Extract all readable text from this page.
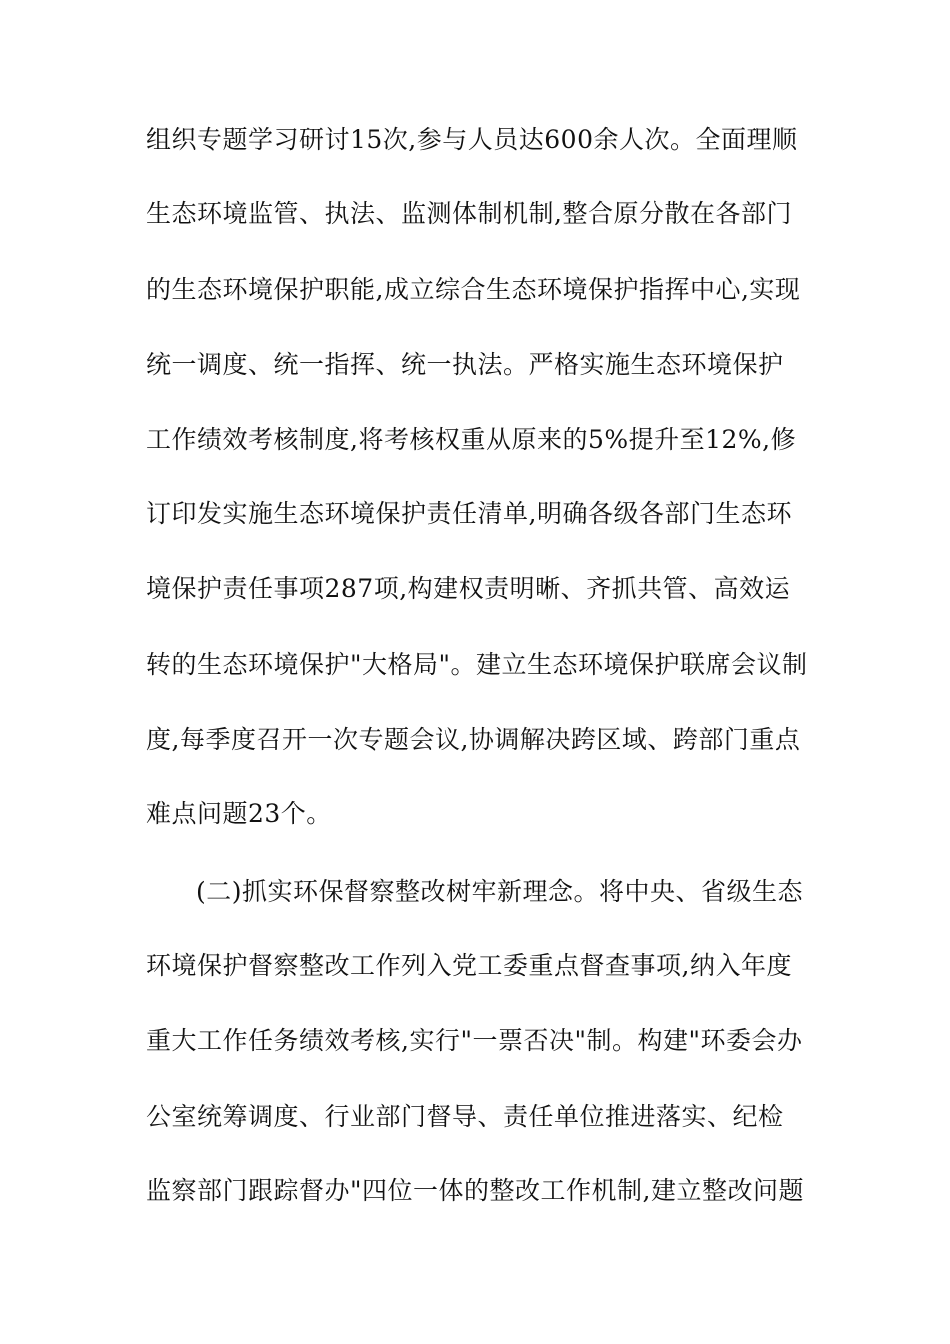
组织专题学习研讨15次,参与人员达600余人次。全面理顺
生态环境监管、执法、监测体制机制,整合原分散在各部门
的生态环境保护职能,成立综合生态环境保护指挥中心,实现
统一调度、统一指挥、统一执法。严格实施生态环境保护
工作绩效考核制度,将考核权重从原来的5%提升至12%,修
订印发实施生态环境保护责任清单,明确各级各部门生态环
境保护责任事项287项,构建权责明晰、齐抓共管、高效运
转的生态环境保护"大格局"。建立生态环境保护联席会议制
度,每季度召开一次专题会议,协调解决跨区域、跨部门重点
难点问题23个。
(二)抓实环保督察整改树牢新理念。将中央、省级生态
环境保护督察整改工作列入党工委重点督查事项,纳入年度
重大工作任务绩效考核,实行"一票否决"制。构建"环委会办
公室统筹调度、行业部门督导、责任单位推进落实、纪检
监察部门跟踪督办"四位一体的整改工作机制,建立整改问题
